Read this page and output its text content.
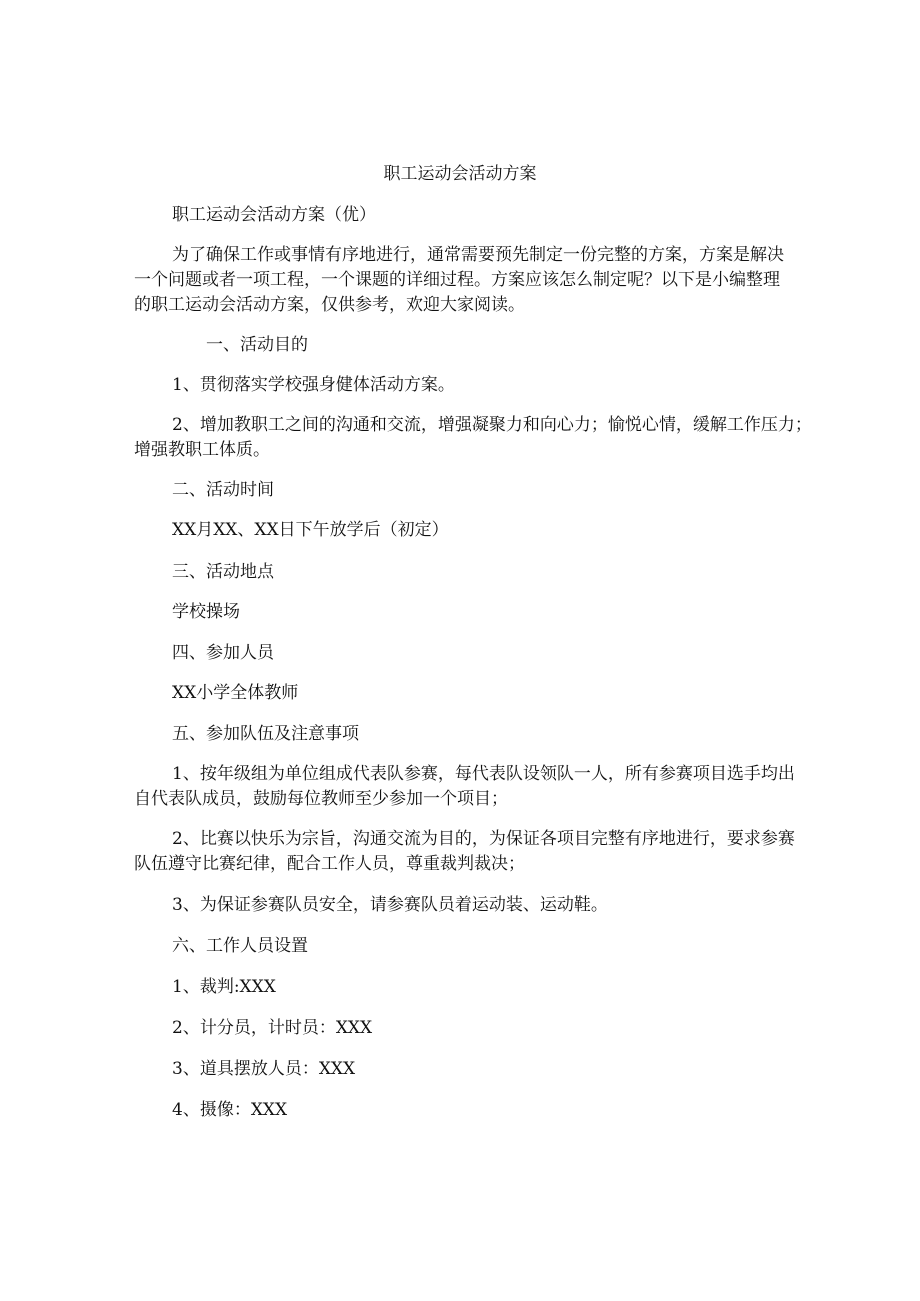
职工运动会活动方案
职工运动会活动方案（优）
为了确保工作或事情有序地进行，通常需要预先制定一份完整的方案，方案是解决
一个问题或者一项工程，一个课题的详细过程。方案应该怎么制定呢？以下是小编整理
的职工运动会活动方案，仅供参考，欢迎大家阅读。
一、活动目的
1、贯彻落实学校强身健体活动方案。
2、增加教职工之间的沟通和交流，增强凝聚力和向心力；愉悦心情，缓解工作压力；
增强教职工体质。
二、活动时间
XX月XX、XX日下午放学后（初定）
三、活动地点
学校操场
四、参加人员
XX小学全体教师
五、参加队伍及注意事项
1、按年级组为单位组成代表队参赛，每代表队设领队一人，所有参赛项目选手均出
自代表队成员，鼓励每位教师至少参加一个项目；
2、比赛以快乐为宗旨，沟通交流为目的，为保证各项目完整有序地进行，要求参赛
队伍遵守比赛纪律，配合工作人员，尊重裁判裁决；
3、为保证参赛队员安全，请参赛队员着运动装、运动鞋。
六、工作人员设置
1、裁判:XXX
2、计分员，计时员：XXX
3、道具摆放人员：XXX
4、摄像：XXX
